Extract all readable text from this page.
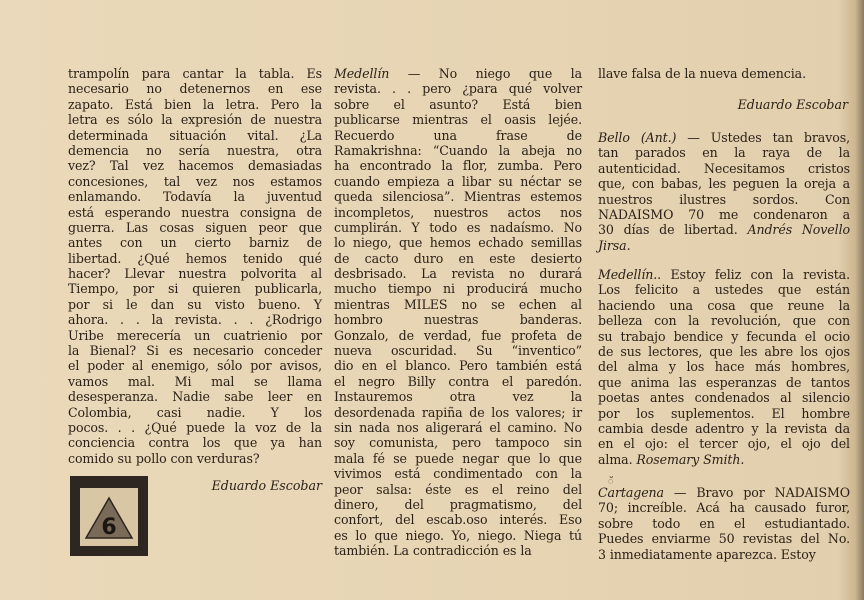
trampolín para cantar la tabla. Es
necesario no detenernos en ese
zapato. Está bien la letra. Pero la
letra es sólo la expresión de nuestra
determinada situación vital. ¿La
demencia no sería nuestra, otra
vez? Tal vez hacemos demasiadas
concesiones, tal vez nos estamos
enlamando. Todavía la juventud
está esperando nuestra consigna de
guerra. Las cosas siguen peor que
antes con un cierto barniz de
libertad. ¿Qué hemos tenido qué
hacer? Llevar nuestra polvorita al
Tiempo, por si quieren publicarla,
por si le dan su visto bueno. Y
ahora. . . la revista. . . ¿Rodrigo
Uribe merecería un cuatrienio por
la Bienal? Si es necesario conceder
el poder al enemigo, sólo por avisos,
vamos mal. Mi mal se llama
desesperanza. Nadie sabe leer en
Colombia, casi nadie. Y los
pocos. . . ¿Qué puede la voz de la
conciencia contra los que ya han
comido su pollo con verduras?
Eduardo Escobar
6
Medellín — No niego que la
revista. . . pero ¿para qué volver
sobre el asunto? Está bien
publicarse mientras el oasis lejée.
Recuerdo una frase de
Ramakrishna: “Cuando la abeja no
ha encontrado la flor, zumba. Pero
cuando empieza a libar su néctar se
queda silenciosa”. Mientras estemos
incompletos, nuestros actos nos
cumplirán. Y todo es nadaísmo. No
lo niego, que hemos echado semillas
de cacto duro en este desierto
desbrisado. La revista no durará
mucho tiempo ni producirá mucho
mientras MILES no se echen al
hombro nuestras banderas.
Gonzalo, de verdad, fue profeta de
nueva oscuridad. Su “inventico”
dio en el blanco. Pero también está
el negro Billy contra el paredón.
Instauremos otra vez la
desordenada rapiña de los valores; ir
sin nada nos aligerará el camino. No
soy comunista, pero tampoco sin
mala fé se puede negar que lo que
vivimos está condimentado con la
peor salsa: éste es el reino del
dinero, del pragmatismo, del
confort, del escab.oso interés. Eso
es lo que niego. Yo, niego. Niega tú
también. La contradicción es la
llave falsa de la nueva demencia.
Eduardo Escobar
Bello (Ant.) — Ustedes tan bravos,
tan parados en la raya de la
autenticidad. Necesitamos cristos
que, con babas, les peguen la oreja a
nuestros ilustres sordos. Con
NADAISMO 70 me condenaron a
30 días de libertad. Andrés Novello
Jirsa.
Medellín.. Estoy feliz con la revista.
Los felicito a ustedes que están
haciendo una cosa que reune la
belleza con la revolución, que con
su trabajo bendice y fecunda el ocio
de sus lectores, que les abre los ojos
del alma y los hace más hombres,
que anima las esperanzas de tantos
poetas antes condenados al silencio
por los suplementos. El hombre
cambia desde adentro y la revista da
en el ojo: el tercer ojo, el ojo del
alma. Rosemary Smith.
ॅ
Cartagena — Bravo por NADAISMO
70; increíble. Acá ha causado furor,
sobre todo en el estudiantado.
Puedes enviarme 50 revistas del No.
3 inmediatamente aparezca. Estoy
